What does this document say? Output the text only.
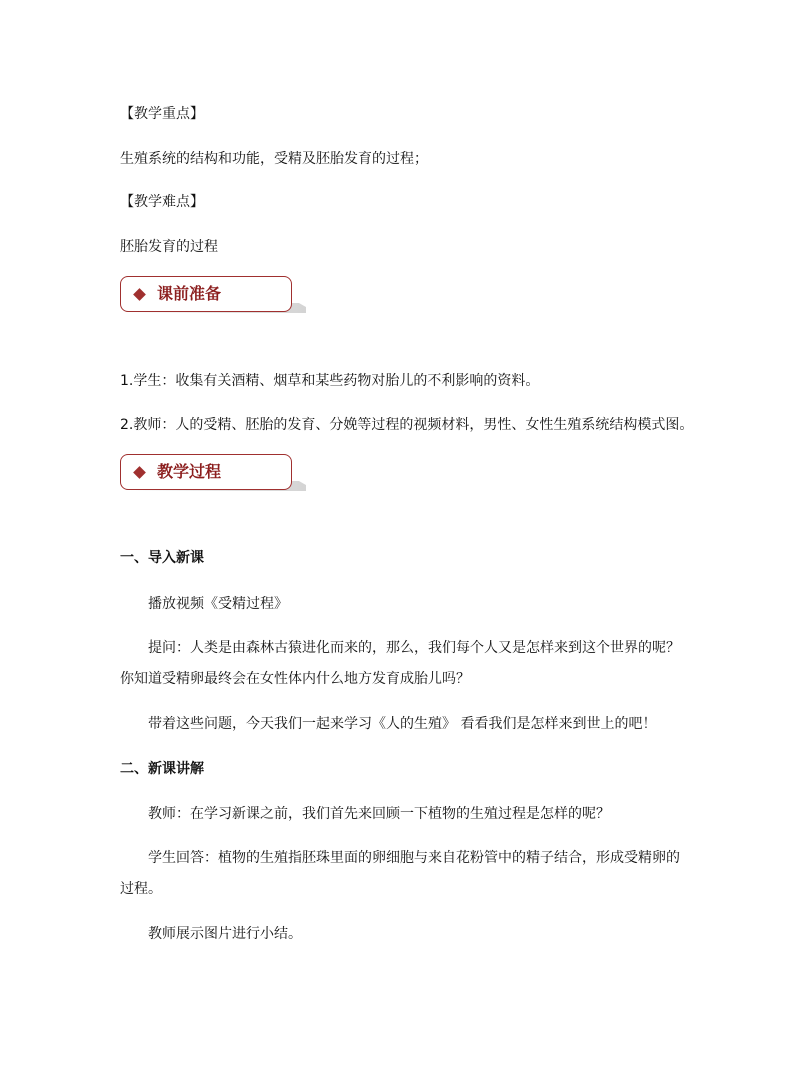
【教学重点】
生殖系统的结构和功能，受精及胚胎发育的过程；
【教学难点】
胚胎发育的过程
课前准备
1.学生：收集有关酒精、烟草和某些药物对胎儿的不利影响的资料。
2.教师：人的受精、胚胎的发育、分娩等过程的视频材料，男性、女性生殖系统结构模式图。
教学过程
一、导入新课
播放视频《受精过程》
提问：人类是由森林古猿进化而来的，那么，我们每个人又是怎样来到这个世界的呢？
你知道受精卵最终会在女性体内什么地方发育成胎儿吗？
带着这些问题，今天我们一起来学习《人的生殖》 看看我们是怎样来到世上的吧！
二、新课讲解
教师：在学习新课之前，我们首先来回顾一下植物的生殖过程是怎样的呢？
学生回答：植物的生殖指胚珠里面的卵细胞与来自花粉管中的精子结合，形成受精卵的
过程。
教师展示图片进行小结。
